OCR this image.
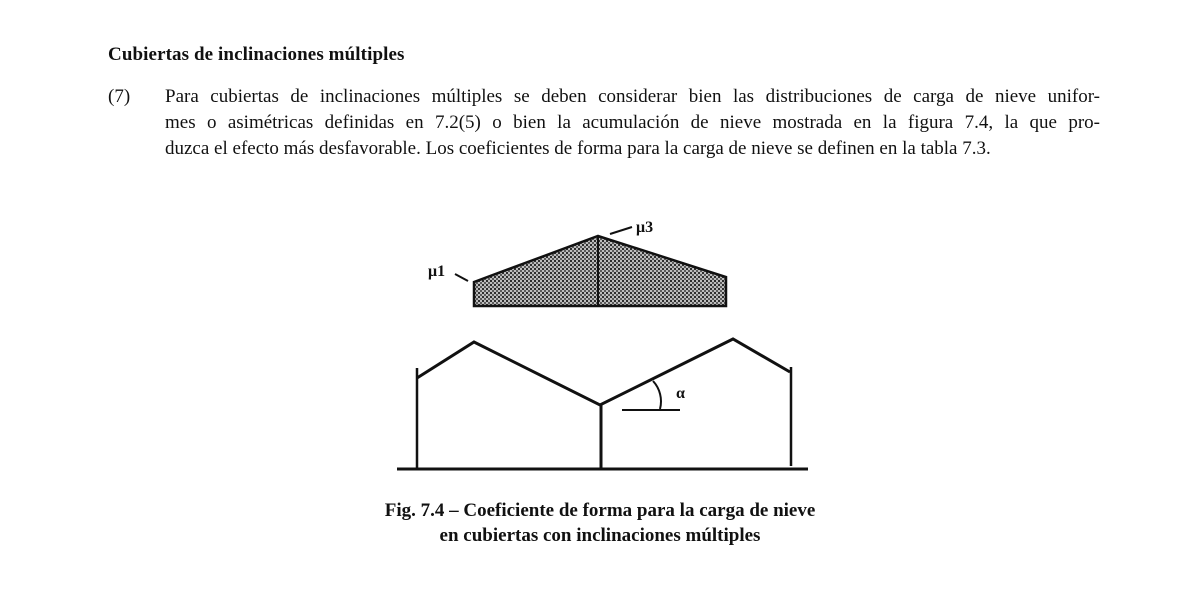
Cubiertas de inclinaciones múltiples
(7) Para cubiertas de inclinaciones múltiples se deben considerar bien las distribuciones de carga de nieve unifor-
mes o asimétricas definidas en 7.2(5) o bien la acumulación de nieve mostrada en la figura 7.4, la que pro-
duzca el efecto más desfavorable. Los coeficientes de forma para la carga de nieve se definen en la tabla 7.3.
μ3
μ1
α
Fig. 7.4 – Coeficiente de forma para la carga de nieve
en cubiertas con inclinaciones múltiples
